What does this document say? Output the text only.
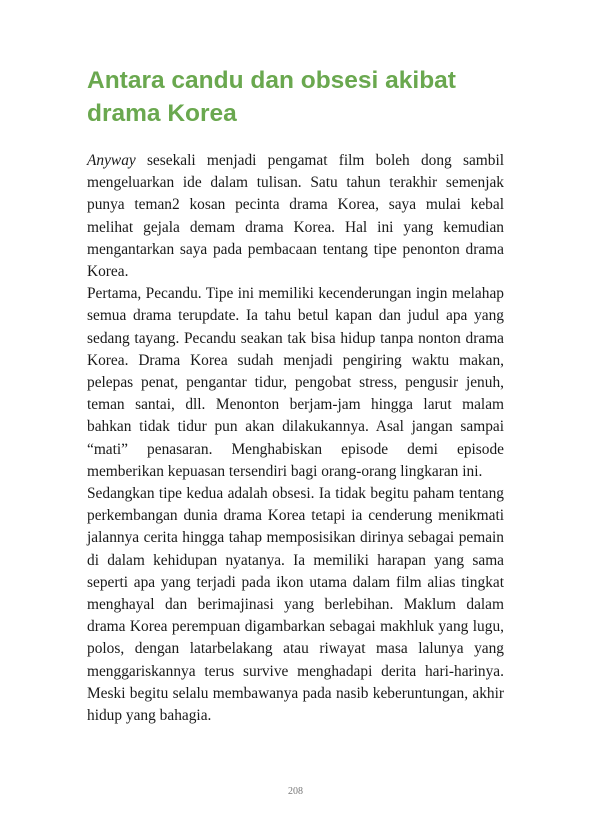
Antara candu dan obsesi akibat drama Korea

Anyway sesekali menjadi pengamat film boleh dong sambil mengeluarkan ide dalam tulisan. Satu tahun terakhir semenjak punya teman2 kosan pecinta drama Korea, saya mulai kebal melihat gejala demam drama Korea. Hal ini yang kemudian mengantarkan saya pada pembacaan tentang tipe penonton drama Korea.

Pertama, Pecandu. Tipe ini memiliki kecenderungan ingin melahap semua drama terupdate. Ia tahu betul kapan dan judul apa yang sedang tayang. Pecandu seakan tak bisa hidup tanpa nonton drama Korea. Drama Korea sudah menjadi pengiring waktu makan, pelepas penat, pengantar tidur, pengobat stress, pengusir jenuh, teman santai, dll. Menonton berjam-jam hingga larut malam bahkan tidak tidur pun akan dilakukannya. Asal jangan sampai “mati” penasaran. Menghabiskan episode demi episode memberikan kepuasan tersendiri bagi orang-orang lingkaran ini.

Sedangkan tipe kedua adalah obsesi. Ia tidak begitu paham tentang perkembangan dunia drama Korea tetapi ia cenderung menikmati jalannya cerita hingga tahap memposisikan dirinya sebagai pemain di dalam kehidupan nyatanya. Ia memiliki harapan yang sama seperti apa yang terjadi pada ikon utama dalam film alias tingkat menghayal dan berimajinasi yang berlebihan. Maklum dalam drama Korea perempuan digambarkan sebagai makhluk yang lugu, polos, dengan latarbelakang atau riwayat masa lalunya yang menggariskannya terus survive menghadapi derita hari-harinya. Meski begitu selalu membawanya pada nasib keberuntungan, akhir hidup yang bahagia.

208
